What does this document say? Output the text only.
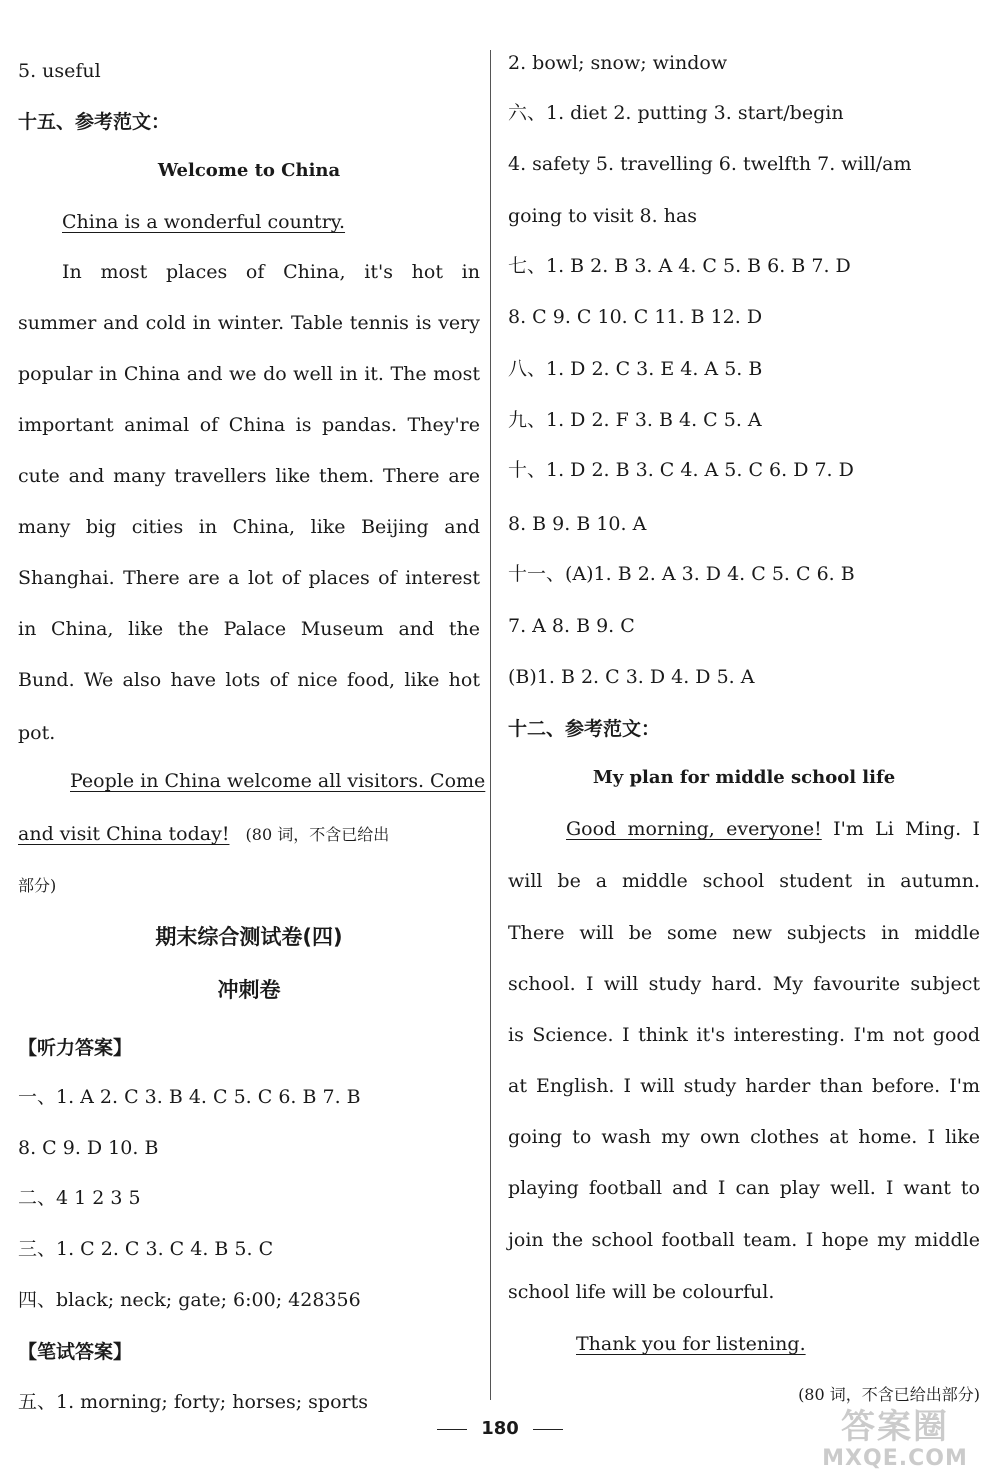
5. useful
十五、参考范文：
Welcome to China
China is a wonderful country.
In most places of China, it's hot in
summer and cold in winter. Table tennis is very
popular in China and we do well in it. The most
important animal of China is pandas. They're
cute and many travellers like them. There are
many big cities in China, like Beijing and
Shanghai. There are a lot of places of interest
in China, like the Palace Museum and the
Bund. We also have lots of nice food, like hot
pot.
People in China welcome all visitors. Come
and visit China today! (80 词，不含已给出
部分)
期末综合测试卷(四)
冲刺卷
【听力答案】
一、1. A 2. C 3. B 4. C 5. C 6. B 7. B
8. C 9. D 10. B
二、4 1 2 3 5
三、1. C 2. C 3. C 4. B 5. C
四、black; neck; gate; 6:00; 428356
【笔试答案】
五、1. morning; forty; horses; sports
2. bowl; snow; window
六、1. diet 2. putting 3. start/begin
4. safety 5. travelling 6. twelfth 7. will/am
going to visit 8. has
七、1. B 2. B 3. A 4. C 5. B 6. B 7. D
8. C 9. C 10. C 11. B 12. D
八、1. D 2. C 3. E 4. A 5. B
九、1. D 2. F 3. B 4. C 5. A
十、1. D 2. B 3. C 4. A 5. C 6. D 7. D
8. B 9. B 10. A
十一、(A)1. B 2. A 3. D 4. C 5. C 6. B
7. A 8. B 9. C
(B)1. B 2. C 3. D 4. D 5. A
十二、参考范文：
My plan for middle school life
Good morning, everyone! I'm Li Ming. I
will be a middle school student in autumn.
There will be some new subjects in middle
school. I will study hard. My favourite subject
is Science. I think it's interesting. I'm not good
at English. I will study harder than before. I'm
going to wash my own clothes at home. I like
playing football and I can play well. I want to
join the school football team. I hope my middle
school life will be colourful.
Thank you for listening.
(80 词，不含已给出部分)
180	答案圈
MXQE.COM
